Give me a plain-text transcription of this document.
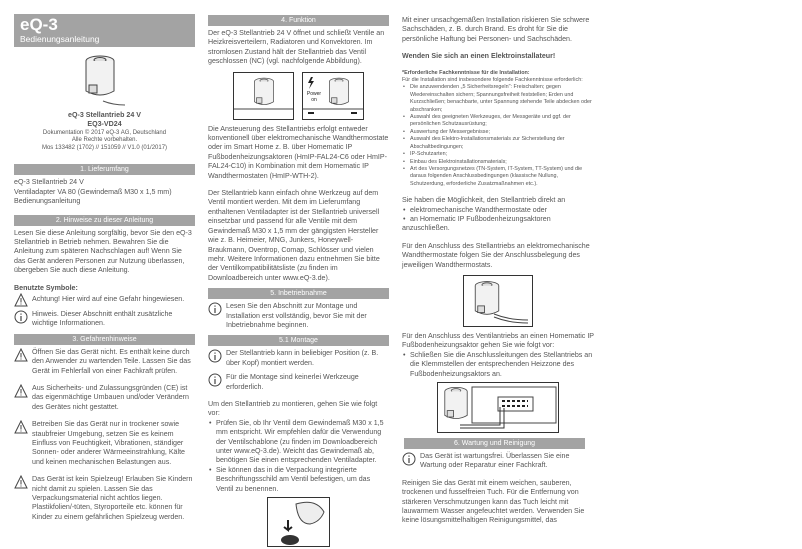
eQ-3
Bedienungsanleitung
eQ-3 Stellantrieb 24 V
EQ3-VD24
Dokumentation © 2017 eQ-3 AG, Deutschland
Alle Rechte vorbehalten.
Mos 133482 (1702) // 151059 // V1.0 (01/2017)
1. Lieferumfang
eQ-3 Stellantrieb 24 V
Ventiladapter VA 80 (Gewindemaß M30 x 1,5 mm)
Bedienungsanleitung
2. Hinweise zu dieser Anleitung

Lesen Sie diese Anleitung sorgfältig, bevor Sie den eQ-3 Stellantrieb in Betrieb nehmen. Bewahren Sie die Anleitung zum späteren Nachschlagen auf! Wenn Sie das Gerät anderen Personen zur Nutzung überlassen, übergeben Sie auch diese Anleitung.

Benutzte Symbole:

Achtung! Hier wird auf eine Gefahr hingewiesen.
Hinweis. Dieser Abschnitt enthält zusätzliche wichtige Informationen.
3. Gefahrenhinweise
Öffnen Sie das Gerät nicht. Es enthält keine durch den Anwender zu wartenden Teile. Lassen Sie das Gerät im Fehlerfall von einer Fachkraft prüfen.
Aus Sicherheits- und Zulassungsgründen (CE) ist das eigenmächtige Umbauen und/oder Verändern des Gerätes nicht gestattet.
Betreiben Sie das Gerät nur in trockener sowie staubfreier Umgebung, setzen Sie es keinem Einfluss von Feuchtigkeit, Vibrationen, ständiger Sonnen- oder anderer Wärmeeinstrahlung, Kälte und keinen mechanischen Belastungen aus.
Das Gerät ist kein Spielzeug! Erlauben Sie Kindern nicht damit zu spielen. Lassen Sie das Verpackungsmaterial nicht achtlos liegen. Plastikfolien/-tüten, Styroporteile etc. können für Kinder zu einem gefährlichen Spielzeug werden.
4. Funktion

Der eQ-3 Stellantrieb 24 V öffnet und schließt Ventile an Heizkreisverteilern, Radiatoren und Konvektoren. Im stromlosen Zustand hält der Stellantrieb das Ventil geschlossen (NC) (vgl. nachfolgende Abbildung).

Power on

Die Ansteuerung des Stellantriebs erfolgt entweder konventionell über elektromechanische Wandthermostate oder im Smart Home z. B. über Homematic IP Fußbodenheizungsaktoren (HmIP-FAL24-C6 oder HmIP-FAL24-C10) in Kombination mit dem Homematic IP Wandthermostaten (HmIP-WTH-2).

Der Stellantrieb kann einfach ohne Werkzeug auf dem Ventil montiert werden. Mit dem im Lieferumfang enthaltenen Ventiladapter ist der Stellantrieb universell einsetzbar und passend für alle Ventile mit dem Gewindemaß M30 x 1,5 mm der gängigsten Hersteller wie z. B. Heimeier, MNG, Junkers, Honeywell-Braukmann, Oventrop, Comap, Schlösser und vielen mehr. Weitere Informationen dazu entnehmen Sie bitte der Ventilkompatibilitätsliste (zu finden im Downloadbereich unter www.eQ-3.de).

5. Inbetriebnahme
Lesen Sie den Abschnitt zur Montage und Installation erst vollständig, bevor Sie mit der Inbetriebnahme beginnen.
5.1 Montage
Der Stellantrieb kann in beliebiger Position (z. B. über Kopf) montiert werden.
Für die Montage sind keinerlei Werkzeuge erforderlich.

Um den Stellantrieb zu montieren, gehen Sie wie folgt vor:

• Prüfen Sie, ob Ihr Ventil dem Gewindemaß M30 x 1,5 mm entspricht. Wir empfehlen dafür die Verwendung der Ventilschablone (zu finden im Downloadbereich unter www.eQ-3.de). Weicht das Gewindemaß ab, benötigen Sie einen entsprechenden Ventiladapter.
• Sie können das in die Verpackung integrierte Beschriftungsschild am Ventil befestigen, um das Ventil zu benennen.

Mit einer unsachgemäßen Installation riskieren Sie schwere Sachschäden, z. B. durch Brand. Es droht für Sie die persönliche Haftung bei Personen- und Sachschäden.

Wenden Sie sich an einen Elektroinstallateur!

*Erforderliche Fachkenntnisse für die Installation:
Für die Installation sind insbesondere folgende Fachkenntnisse erforderlich:
• Die anzuwendenden „5 Sicherheitsregeln": Freischalten; gegen Wiedereinschalten sichern; Spannungsfreiheit feststellen; Erden und Kurzschließen; benachbarte, unter Spannung stehende Teile abdecken oder abschranken;
• Auswahl des geeigneten Werkzeuges, der Messgeräte und ggf. der persönlichen Schutzausrüstung;
• Auswertung der Messergebnisse;
• Auswahl des Elektro-Installationsmaterials zur Sicherstellung der Abschaltbedingungen;
• IP-Schutzarten;
• Einbau des Elektroinstallationsmaterials;
• Art des Versorgungsnetzes (TN-System, IT-System, TT-System) und die daraus folgenden Anschlussbedingungen (klassische Nullung, Schutzerdung, erforderliche Zusatzmaßnahmen etc.).
Sie haben die Möglichkeit, den Stellantrieb direkt an
• elektromechanische Wandthermostate oder
• an Homematic IP Fußbodenheizungsaktoren
anzuschließen.

Für den Anschluss des Stellantriebs an elektromechanische Wandthermostate folgen Sie der Anschlussbelegung des jeweiligen Wandthermostats.

Für den Anschluss des Ventilantriebs an einen Homematic IP Fußbodenheizungsaktor gehen Sie wie folgt vor:

• Schließen Sie die Anschlussleitungen des Stellantriebs an die Klemmstellen der entsprechenden Heizzone des Fußbodenheizungsaktors an.
6. Wartung und Reinigung
Das Gerät ist wartungsfrei. Überlassen Sie eine Wartung oder Reparatur einer Fachkraft.

Reinigen Sie das Gerät mit einem weichen, sauberen, trockenen und fusselfreien Tuch. Für die Entfernung von stärkeren Verschmutzungen kann das Tuch leicht mit lauwarmem Wasser angefeuchtet werden. Verwenden Sie keine lösungsmittelhaltigen Reinigungsmittel, das
